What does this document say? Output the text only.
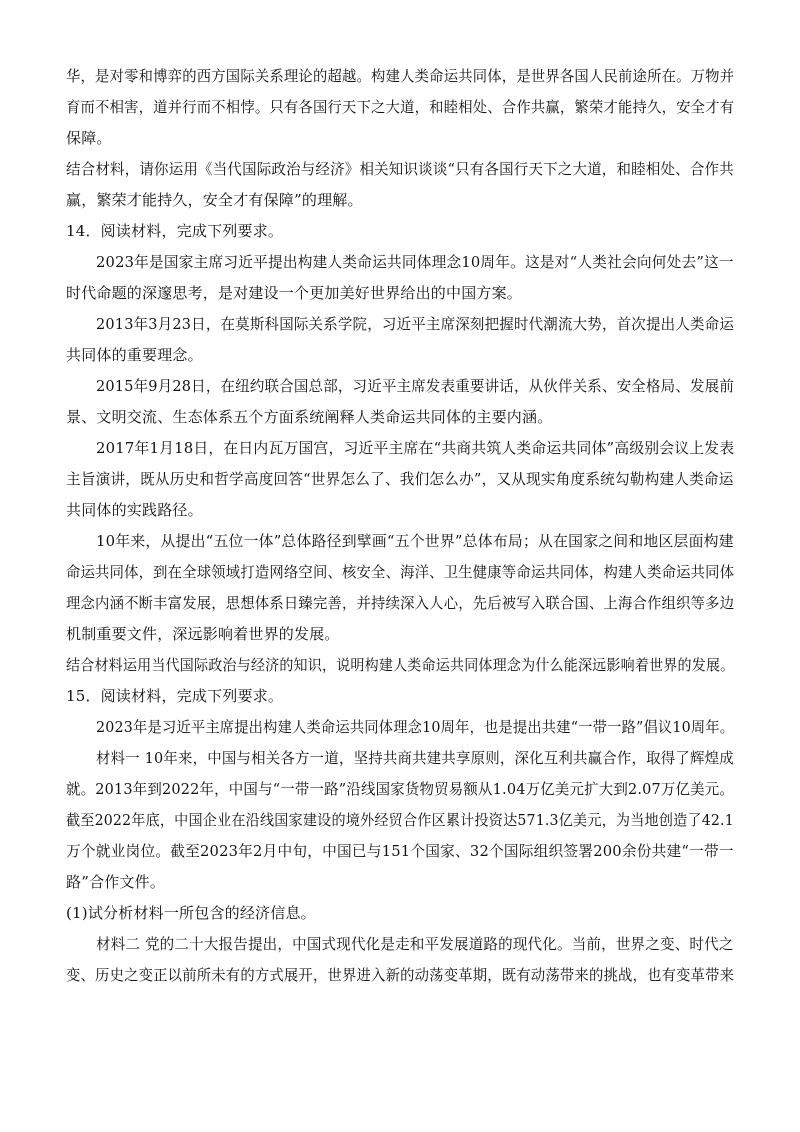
华，是对零和博弈的西方国际关系理论的超越。构建人类命运共同体，是世界各国人民前途所在。万物并
育而不相害，道并行而不相悖。只有各国行天下之大道，和睦相处、合作共赢，繁荣才能持久，安全才有
保障。
结合材料，请你运用《当代国际政治与经济》相关知识谈谈“只有各国行天下之大道，和睦相处、合作共
赢，繁荣才能持久，安全才有保障”的理解。
14．阅读材料，完成下列要求。
2023年是国家主席习近平提出构建人类命运共同体理念10周年。这是对“人类社会向何处去”这一
时代命题的深邃思考，是对建设一个更加美好世界给出的中国方案。
2013年3月23日，在莫斯科国际关系学院，习近平主席深刻把握时代潮流大势，首次提出人类命运
共同体的重要理念。
2015年9月28日，在纽约联合国总部，习近平主席发表重要讲话，从伙伴关系、安全格局、发展前
景、文明交流、生态体系五个方面系统阐释人类命运共同体的主要内涵。
2017年1月18日，在日内瓦万国宫，习近平主席在“共商共筑人类命运共同体”高级别会议上发表
主旨演讲，既从历史和哲学高度回答“世界怎么了、我们怎么办”，又从现实角度系统勾勒构建人类命运
共同体的实践路径。
10年来，从提出“五位一体”总体路径到擘画“五个世界”总体布局；从在国家之间和地区层面构建
命运共同体，到在全球领域打造网络空间、核安全、海洋、卫生健康等命运共同体，构建人类命运共同体
理念内涵不断丰富发展，思想体系日臻完善，并持续深入人心，先后被写入联合国、上海合作组织等多边
机制重要文件，深远影响着世界的发展。
结合材料运用当代国际政治与经济的知识，说明构建人类命运共同体理念为什么能深远影响着世界的发展。
15．阅读材料，完成下列要求。
2023年是习近平主席提出构建人类命运共同体理念10周年，也是提出共建“一带一路”倡议10周年。
材料一 10年来，中国与相关各方一道，坚持共商共建共享原则，深化互利共赢合作，取得了辉煌成
就。2013年到2022年，中国与“一带一路”沿线国家货物贸易额从1.04万亿美元扩大到2.07万亿美元。
截至2022年底，中国企业在沿线国家建设的境外经贸合作区累计投资达571.3亿美元，为当地创造了42.1
万个就业岗位。截至2023年2月中旬，中国已与151个国家、32个国际组织签署200余份共建“一带一
路”合作文件。
(1)试分析材料一所包含的经济信息。
材料二 党的二十大报告提出，中国式现代化是走和平发展道路的现代化。当前，世界之变、时代之
变、历史之变正以前所未有的方式展开，世界进入新的动荡变革期，既有动荡带来的挑战，也有变革带来
